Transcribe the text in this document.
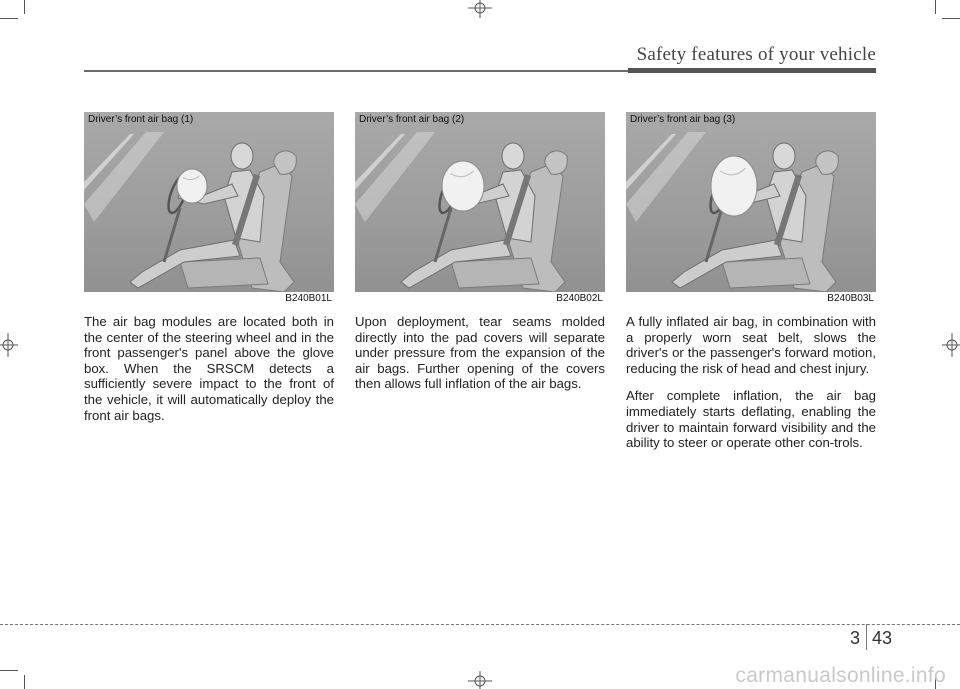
Safety features of your vehicle
Driver’s front air bag (1)
B240B01L
Driver’s front air bag (2)
B240B02L
Driver’s front air bag (3)
B240B03L

The air bag modules are located both in the center of the steering wheel and in the front passenger's panel above the glove box. When the SRSCM detects a sufficiently severe impact to the front of the vehicle, it will automatically deploy the front air bags.

Upon deployment, tear seams molded directly into the pad covers will separate under pressure from the expansion of the air bags. Further opening of the covers then allows full inflation of the air bags.

A fully inflated air bag, in combination with a properly worn seat belt, slows the driver's or the passenger's forward motion, reducing the risk of head and chest injury.

After complete inflation, the air bag immediately starts deflating, enabling the driver to maintain forward visibility and the ability to steer or operate other con-trols.

3 43
carmanualsonline.info
